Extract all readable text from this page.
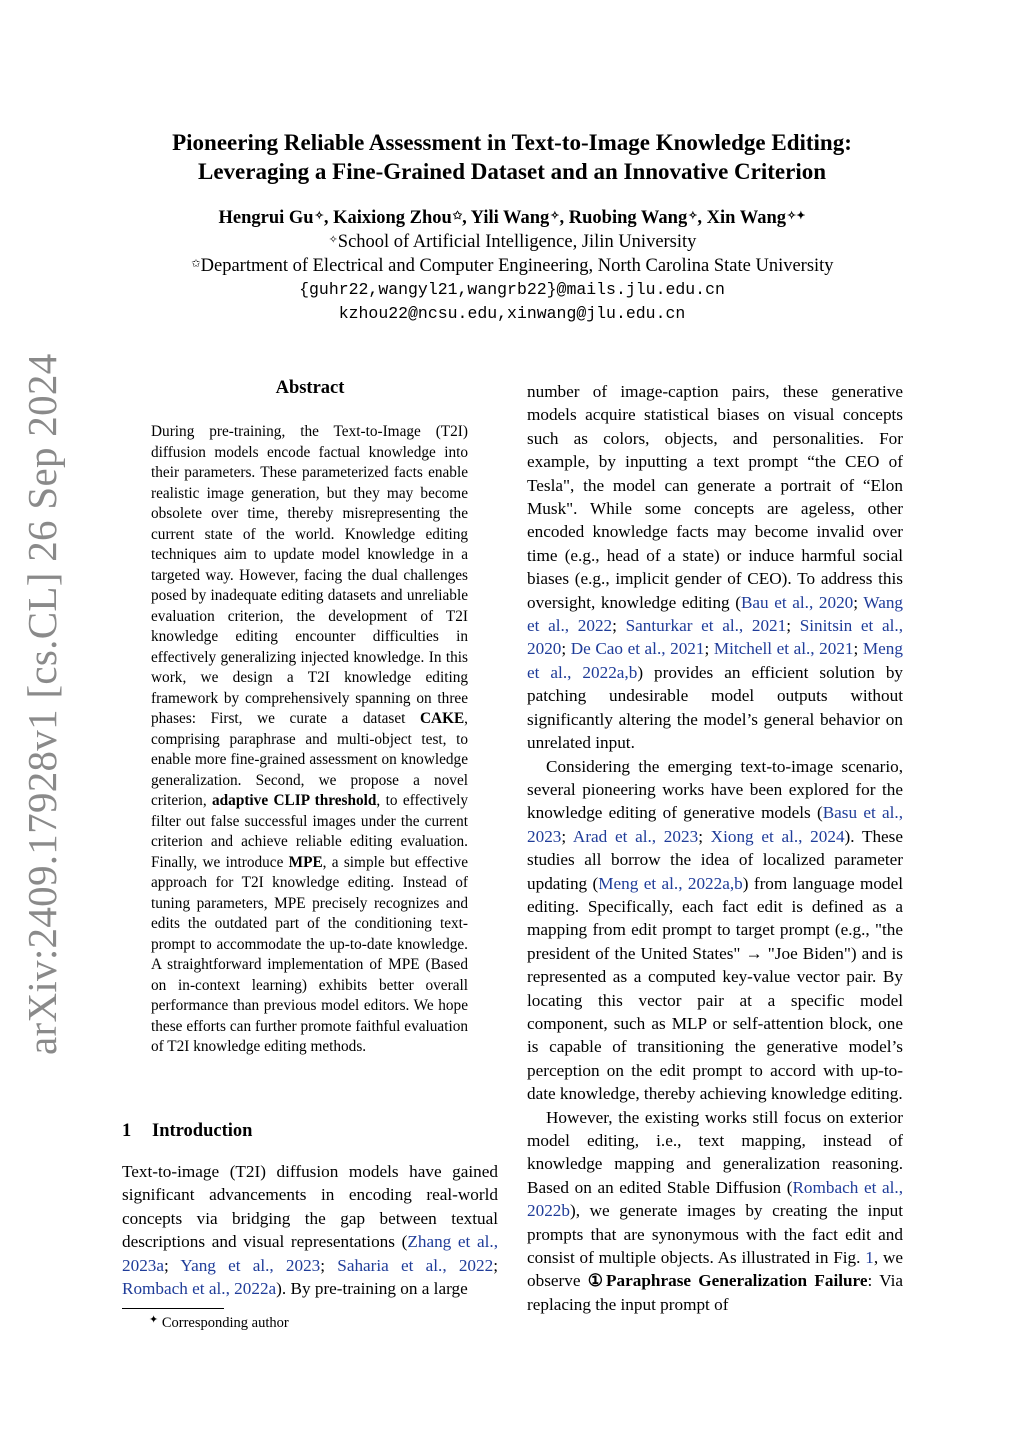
arXiv:2409.17928v1 [cs.CL] 26 Sep 2024
Pioneering Reliable Assessment in Text-to-Image Knowledge Editing:
Leveraging a Fine-Grained Dataset and an Innovative Criterion
Hengrui Gu✧, Kaixiong Zhou✩, Yili Wang✧, Ruobing Wang✧, Xin Wang✧✦
✧School of Artificial Intelligence, Jilin University
✩Department of Electrical and Computer Engineering, North Carolina State University
{guhr22,wangyl21,wangrb22}@mails.jlu.edu.cn
kzhou22@ncsu.edu,xinwang@jlu.edu.cn
Abstract

During pre-training, the Text-to-Image (T2I) diffusion models encode factual knowledge into their parameters. These parameterized facts enable realistic image generation, but they may become obsolete over time, thereby misrepresenting the current state of the world. Knowledge editing techniques aim to update model knowledge in a targeted way. However, facing the dual challenges posed by inadequate editing datasets and unreliable evaluation criterion, the development of T2I knowledge editing encounter difficulties in effectively generalizing injected knowledge. In this work, we design a T2I knowledge editing framework by comprehensively spanning on three phases: First, we curate a dataset CAKE, comprising paraphrase and multi-object test, to enable more fine-grained assessment on knowledge generalization. Second, we propose a novel criterion, adaptive CLIP threshold, to effectively filter out false successful images under the current criterion and achieve reliable editing evaluation. Finally, we introduce MPE, a simple but effective approach for T2I knowledge editing. Instead of tuning parameters, MPE precisely recognizes and edits the outdated part of the conditioning text-prompt to accommodate the up-to-date knowledge. A straightforward implementation of MPE (Based on in-context learning) exhibits better overall performance than previous model editors. We hope these efforts can further promote faithful evaluation of T2I knowledge editing methods.

1 Introduction

Text-to-image (T2I) diffusion models have gained significant advancements in encoding real-world concepts via bridging the gap between textual descriptions and visual representations (Zhang et al., 2023a; Yang et al., 2023; Saharia et al., 2022; Rombach et al., 2022a). By pre-training on a large

number of image-caption pairs, these generative models acquire statistical biases on visual concepts such as colors, objects, and personalities. For example, by inputting a text prompt “the CEO of Tesla", the model can generate a portrait of “Elon Musk". While some concepts are ageless, other encoded knowledge facts may become invalid over time (e.g., head of a state) or induce harmful social biases (e.g., implicit gender of CEO). To address this oversight, knowledge editing (Bau et al., 2020; Wang et al., 2022; Santurkar et al., 2021; Sinitsin et al., 2020; De Cao et al., 2021; Mitchell et al., 2021; Meng et al., 2022a,b) provides an efficient solution by patching undesirable model outputs without significantly altering the model’s general behavior on unrelated input.

Considering the emerging text-to-image scenario, several pioneering works have been explored for the knowledge editing of generative models (Basu et al., 2023; Arad et al., 2023; Xiong et al., 2024). These studies all borrow the idea of localized parameter updating (Meng et al., 2022a,b) from language model editing. Specifically, each fact edit is defined as a mapping from edit prompt to target prompt (e.g., "the president of the United States" → "Joe Biden") and is represented as a computed key-value vector pair. By locating this vector pair at a specific model component, such as MLP or self-attention block, one is capable of transitioning the generative model’s perception on the edit prompt to accord with up-to-date knowledge, thereby achieving knowledge editing.

However, the existing works still focus on exterior model editing, i.e., text mapping, instead of knowledge mapping and generalization reasoning. Based on an edited Stable Diffusion (Rombach et al., 2022b), we generate images by creating the input prompts that are synonymous with the fact edit and consist of multiple objects. As illustrated in Fig. 1, we observe ①Paraphrase Generalization Failure: Via replacing the input prompt of

✦ Corresponding author
